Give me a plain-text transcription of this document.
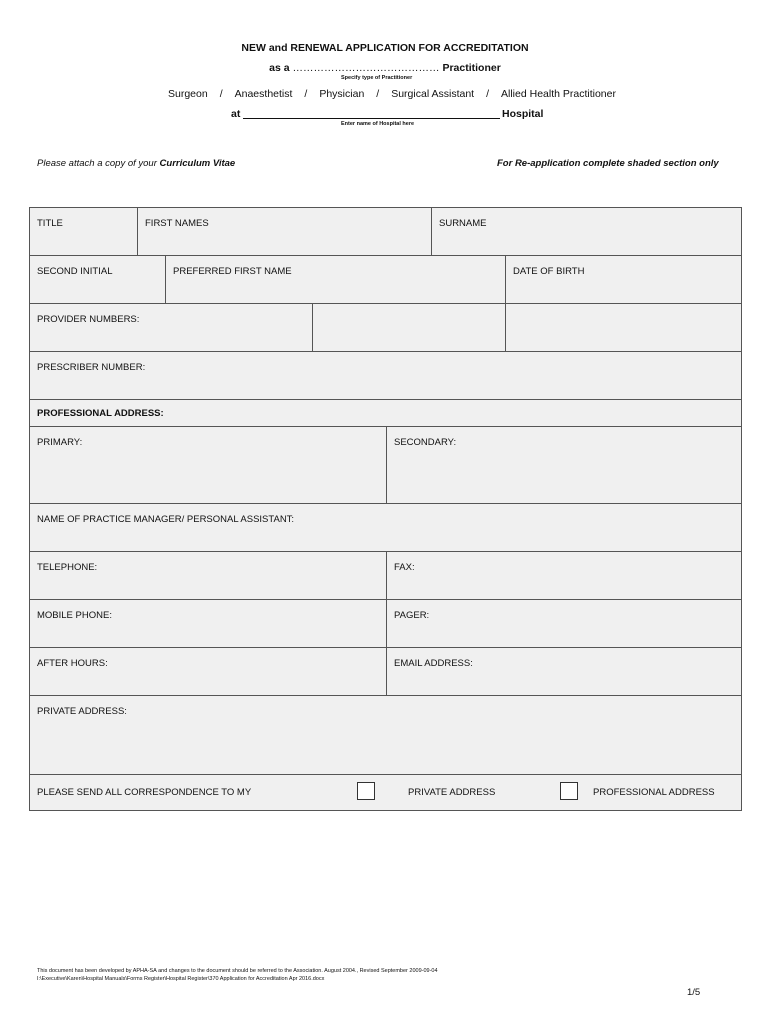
NEW and RENEWAL APPLICATION FOR ACCREDITATION
as a …………………………………… Practitioner
Specify type of Practitioner
Surgeon / Anaesthetist / Physician / Surgical Assistant / Allied Health Practitioner
at	Hospital
Enter name of Hospital here
Please attach a copy of your Curriculum Vitae	For Re-application complete shaded section only
TITLE	FIRST NAMES	SURNAME
SECOND INITIAL	PREFERRED FIRST NAME	DATE OF BIRTH
PROVIDER NUMBERS:
PRESCRIBER NUMBER:
PROFESSIONAL ADDRESS:
PRIMARY:	SECONDARY:
NAME OF PRACTICE MANAGER/ PERSONAL ASSISTANT:
TELEPHONE:	FAX:
MOBILE PHONE:	PAGER:
AFTER HOURS:	EMAIL ADDRESS:
PRIVATE ADDRESS:
PLEASE SEND ALL CORRESPONDENCE TO MY	PRIVATE ADDRESS	PROFESSIONAL ADDRESS
This document has been developed by APHA-SA and changes to the document should be referred to the Association. August 2004., Revised September 2009-09-04
I:\Executive\Karen\Hospital Manuals\Forms Register\Hospital Register\370 Application for Accreditation Apr 2016.docx
1/5
